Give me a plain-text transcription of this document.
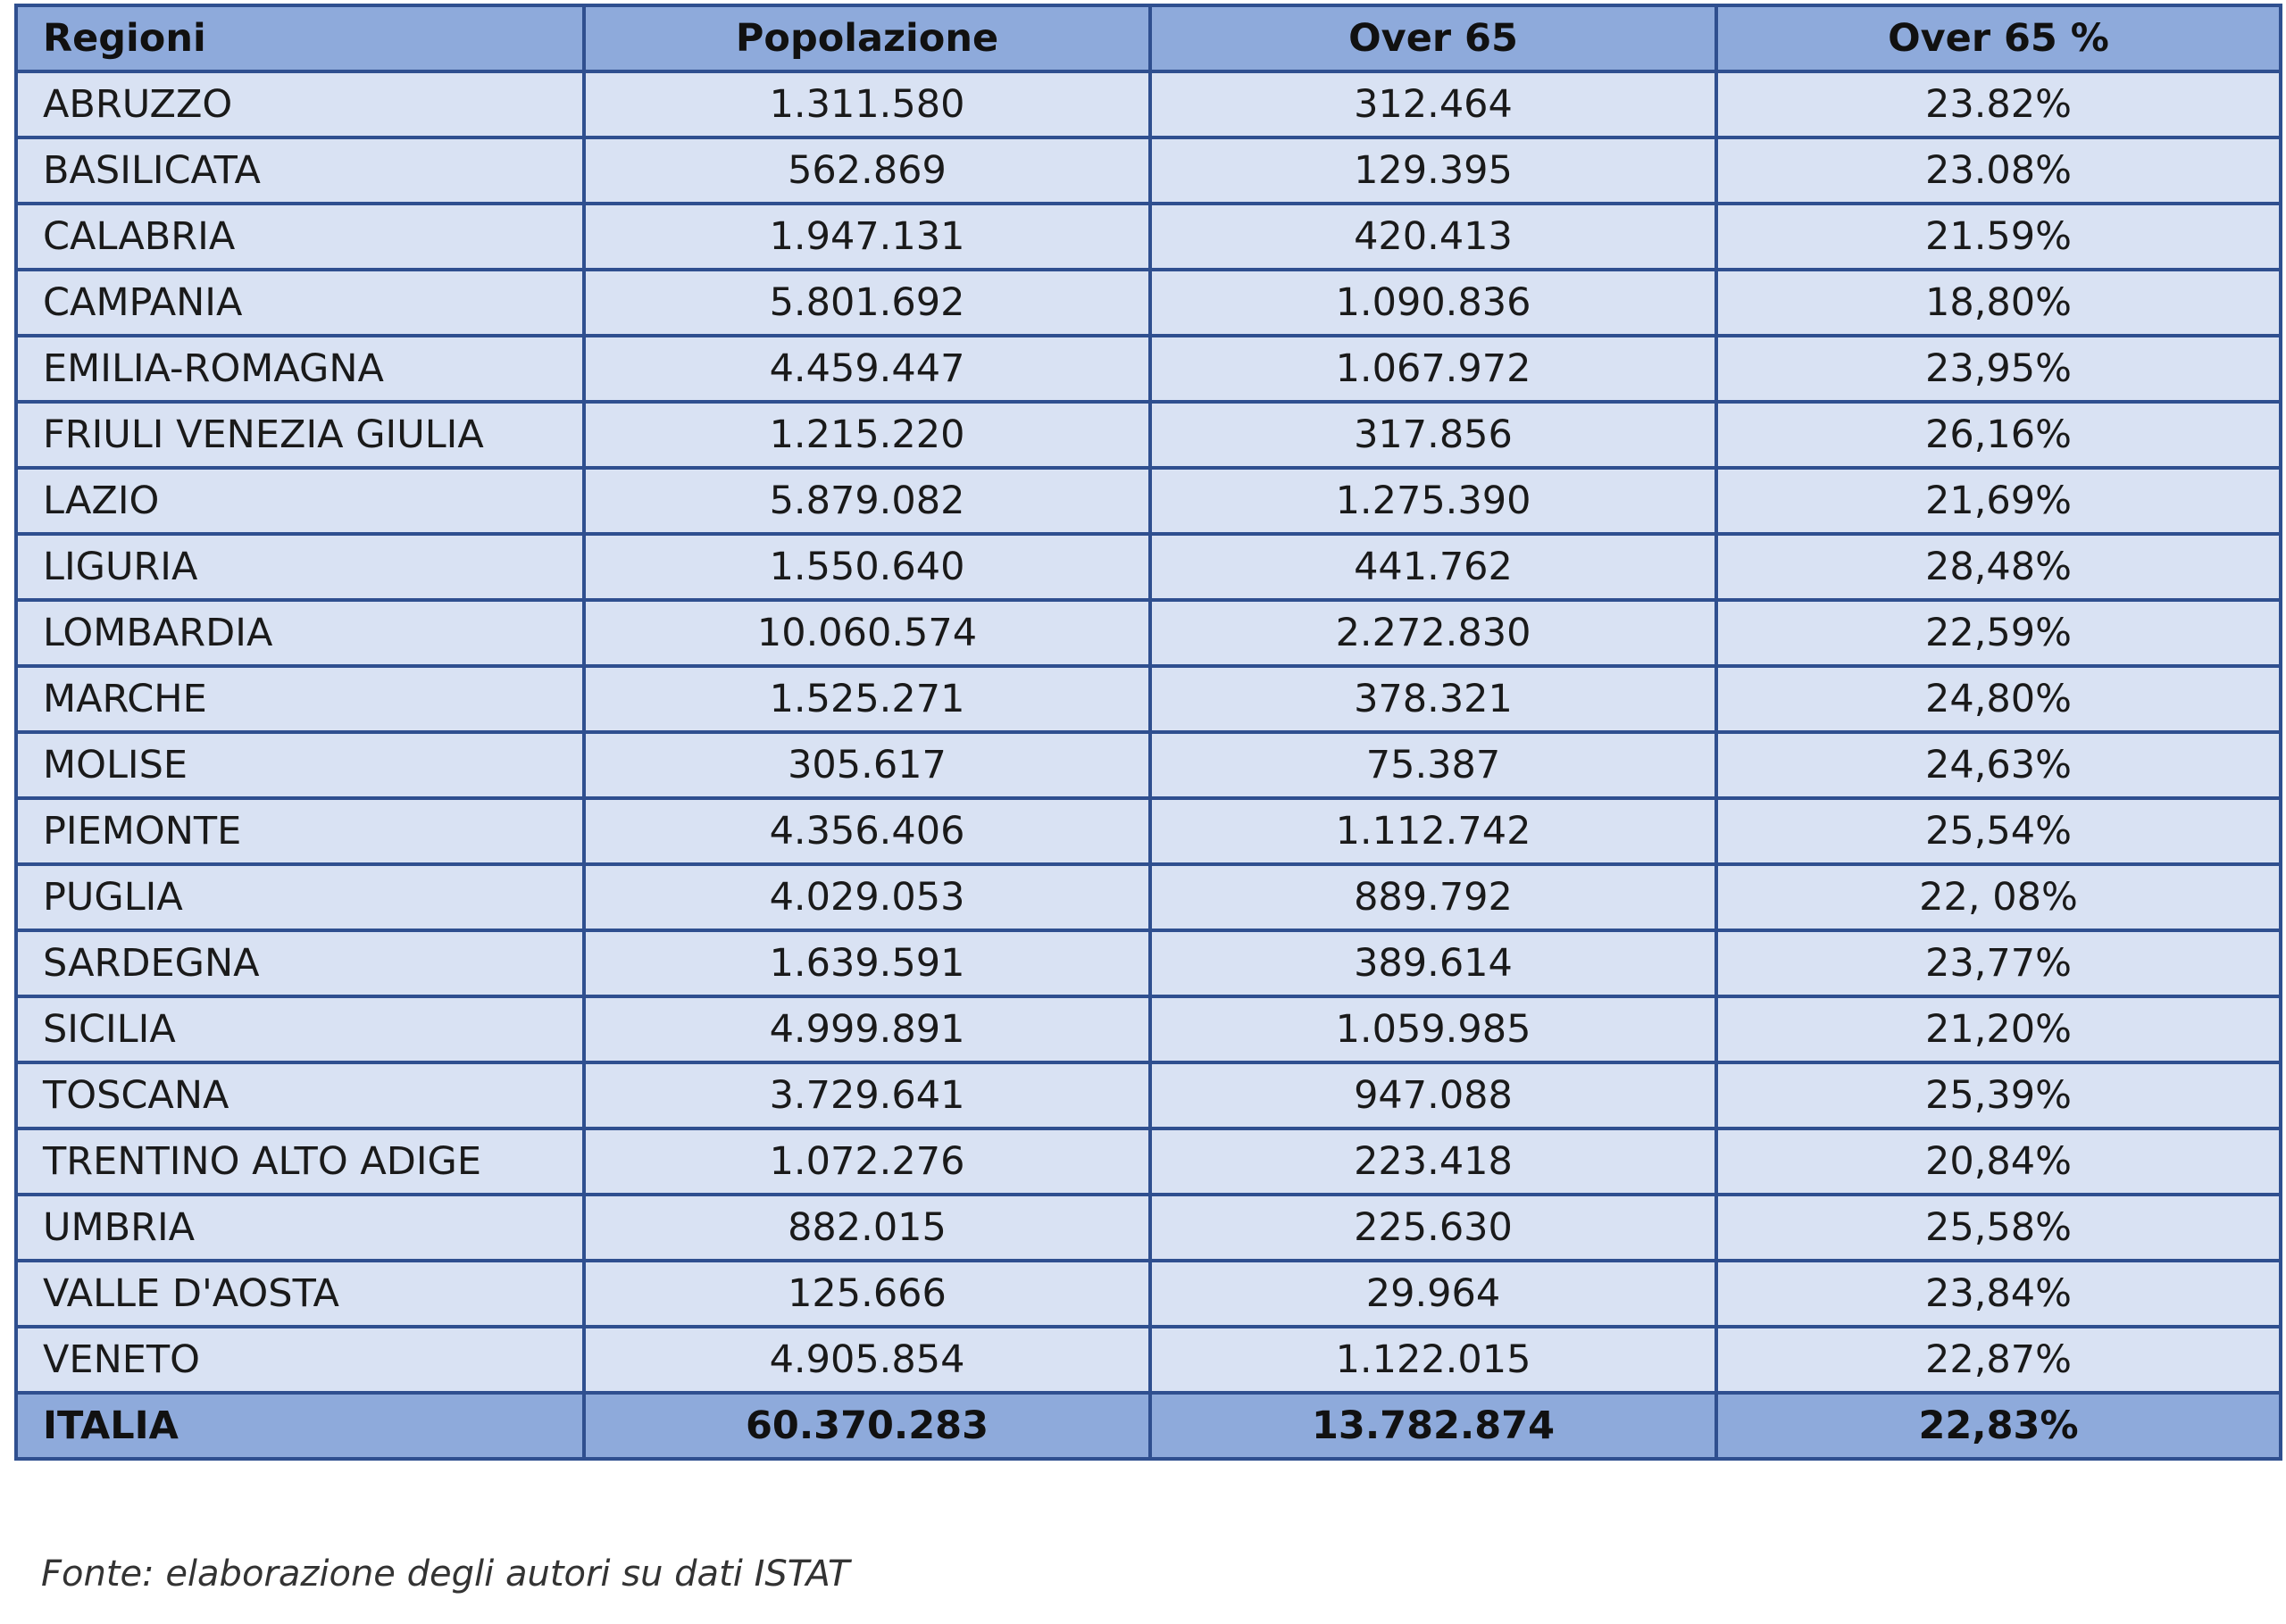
Regioni	Popolazione	Over 65	Over 65 %
ABRUZZO	1.311.580	312.464	23.82%
BASILICATA	562.869	129.395	23.08%
CALABRIA	1.947.131	420.413	21.59%
CAMPANIA	5.801.692	1.090.836	18,80%
EMILIA-ROMAGNA	4.459.447	1.067.972	23,95%
FRIULI VENEZIA GIULIA	1.215.220	317.856	26,16%
LAZIO	5.879.082	1.275.390	21,69%
LIGURIA	1.550.640	441.762	28,48%
LOMBARDIA	10.060.574	2.272.830	22,59%
MARCHE	1.525.271	378.321	24,80%
MOLISE	305.617	75.387	24,63%
PIEMONTE	4.356.406	1.112.742	25,54%
PUGLIA	4.029.053	889.792	22, 08%
SARDEGNA	1.639.591	389.614	23,77%
SICILIA	4.999.891	1.059.985	21,20%
TOSCANA	3.729.641	947.088	25,39%
TRENTINO ALTO ADIGE	1.072.276	223.418	20,84%
UMBRIA	882.015	225.630	25,58%
VALLE D'AOSTA	125.666	29.964	23,84%
VENETO	4.905.854	1.122.015	22,87%
ITALIA	60.370.283	13.782.874	22,83%

Fonte: elaborazione degli autori su dati ISTAT
